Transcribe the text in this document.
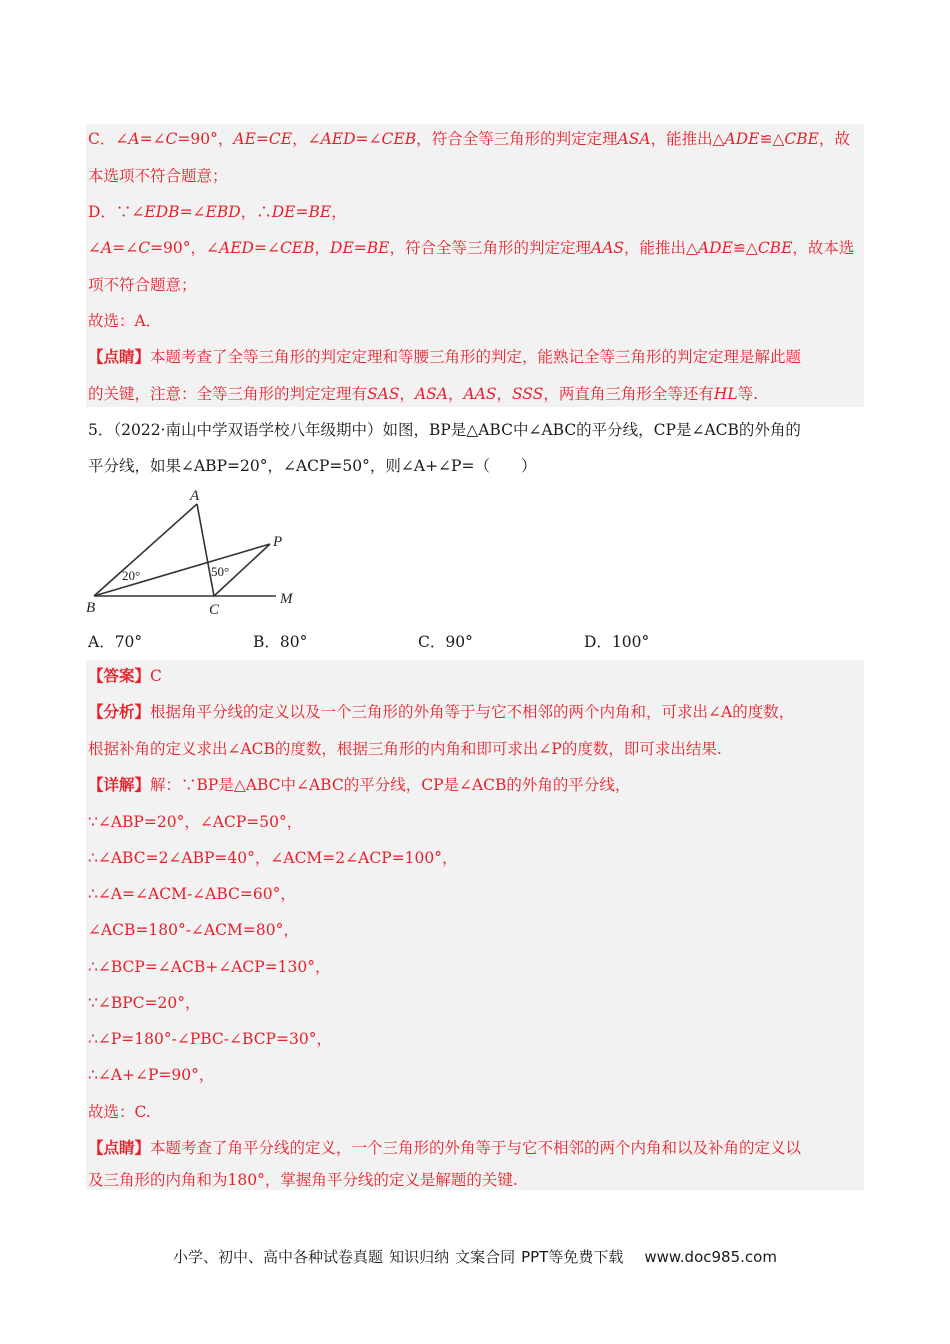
C．∠A=∠C=90°，AE=CE，∠AED=∠CEB，符合全等三角形的判定定理ASA，能推出△ADE≌△CBE，故
本选项不符合题意；
D．∵∠EDB=∠EBD，∴DE=BE，
∠A=∠C=90°，∠AED=∠CEB，DE=BE，符合全等三角形的判定定理AAS，能推出△ADE≌△CBE，故本选
项不符合题意；
故选：A．
【点睛】本题考查了全等三角形的判定定理和等腰三角形的判定，能熟记全等三角形的判定定理是解此题
的关键，注意：全等三角形的判定定理有SAS，ASA，AAS，SSS，两直角三角形全等还有HL等.
5．（2022·南山中学双语学校八年级期中）如图，BP是△ABC中∠ABC的平分线，CP是∠ACB的外角的
平分线，如果∠ABP=20°，∠ACP=50°，则∠A+∠P=（　　）
A
B	C
P
M
20°	50°
A．70°	B．80°	C．90°	D．100°
【答案】C
【分析】根据角平分线的定义以及一个三角形的外角等于与它不相邻的两个内角和，可求出∠A的度数，
根据补角的定义求出∠ACB的度数，根据三角形的内角和即可求出∠P的度数，即可求出结果.
【详解】解：∵BP是△ABC中∠ABC的平分线，CP是∠ACB的外角的平分线，
∵∠ABP=20°，∠ACP=50°，
∴∠ABC=2∠ABP=40°，∠ACM=2∠ACP=100°，
∴∠A=∠ACM-∠ABC=60°，
∠ACB=180°-∠ACM=80°，
∴∠BCP=∠ACB+∠ACP=130°，
∵∠BPC=20°，
∴∠P=180°-∠PBC-∠BCP=30°，
∴∠A+∠P=90°，
故选：C.
【点睛】本题考查了角平分线的定义，一个三角形的外角等于与它不相邻的两个内角和以及补角的定义以
及三角形的内角和为180°，掌握角平分线的定义是解题的关键.
小学、初中、高中各种试卷真题 知识归纳 文案合同 PPT等免费下载 www.doc985.com
